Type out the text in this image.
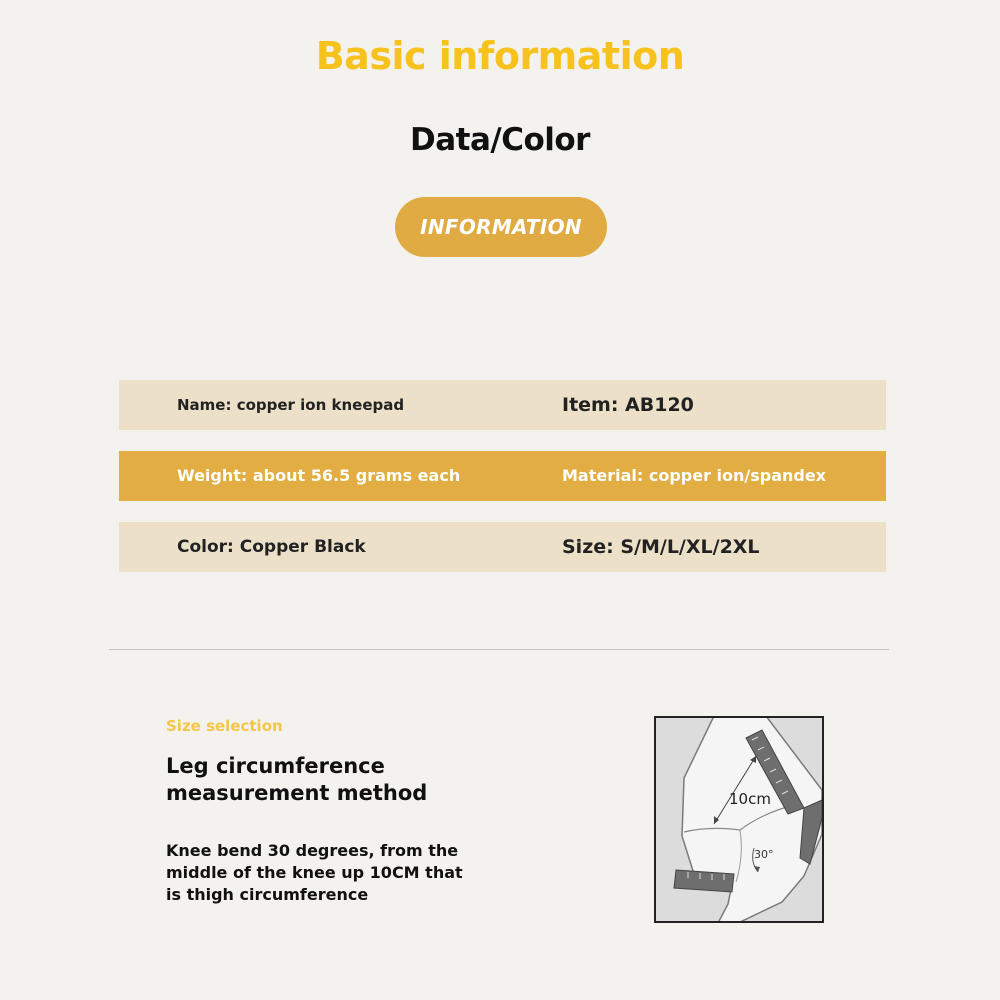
Basic information
Data/Color
INFORMATION
Name: copper ion kneepad	Item: AB120
Weight: about 56.5 grams each	Material: copper ion/spandex
Color: Copper Black	Size: S/M/L/XL/2XL
Size selection
Leg circumference measurement method
Knee bend 30 degrees, from the middle of the knee up 10CM that is thigh circumference
10cm
30°
